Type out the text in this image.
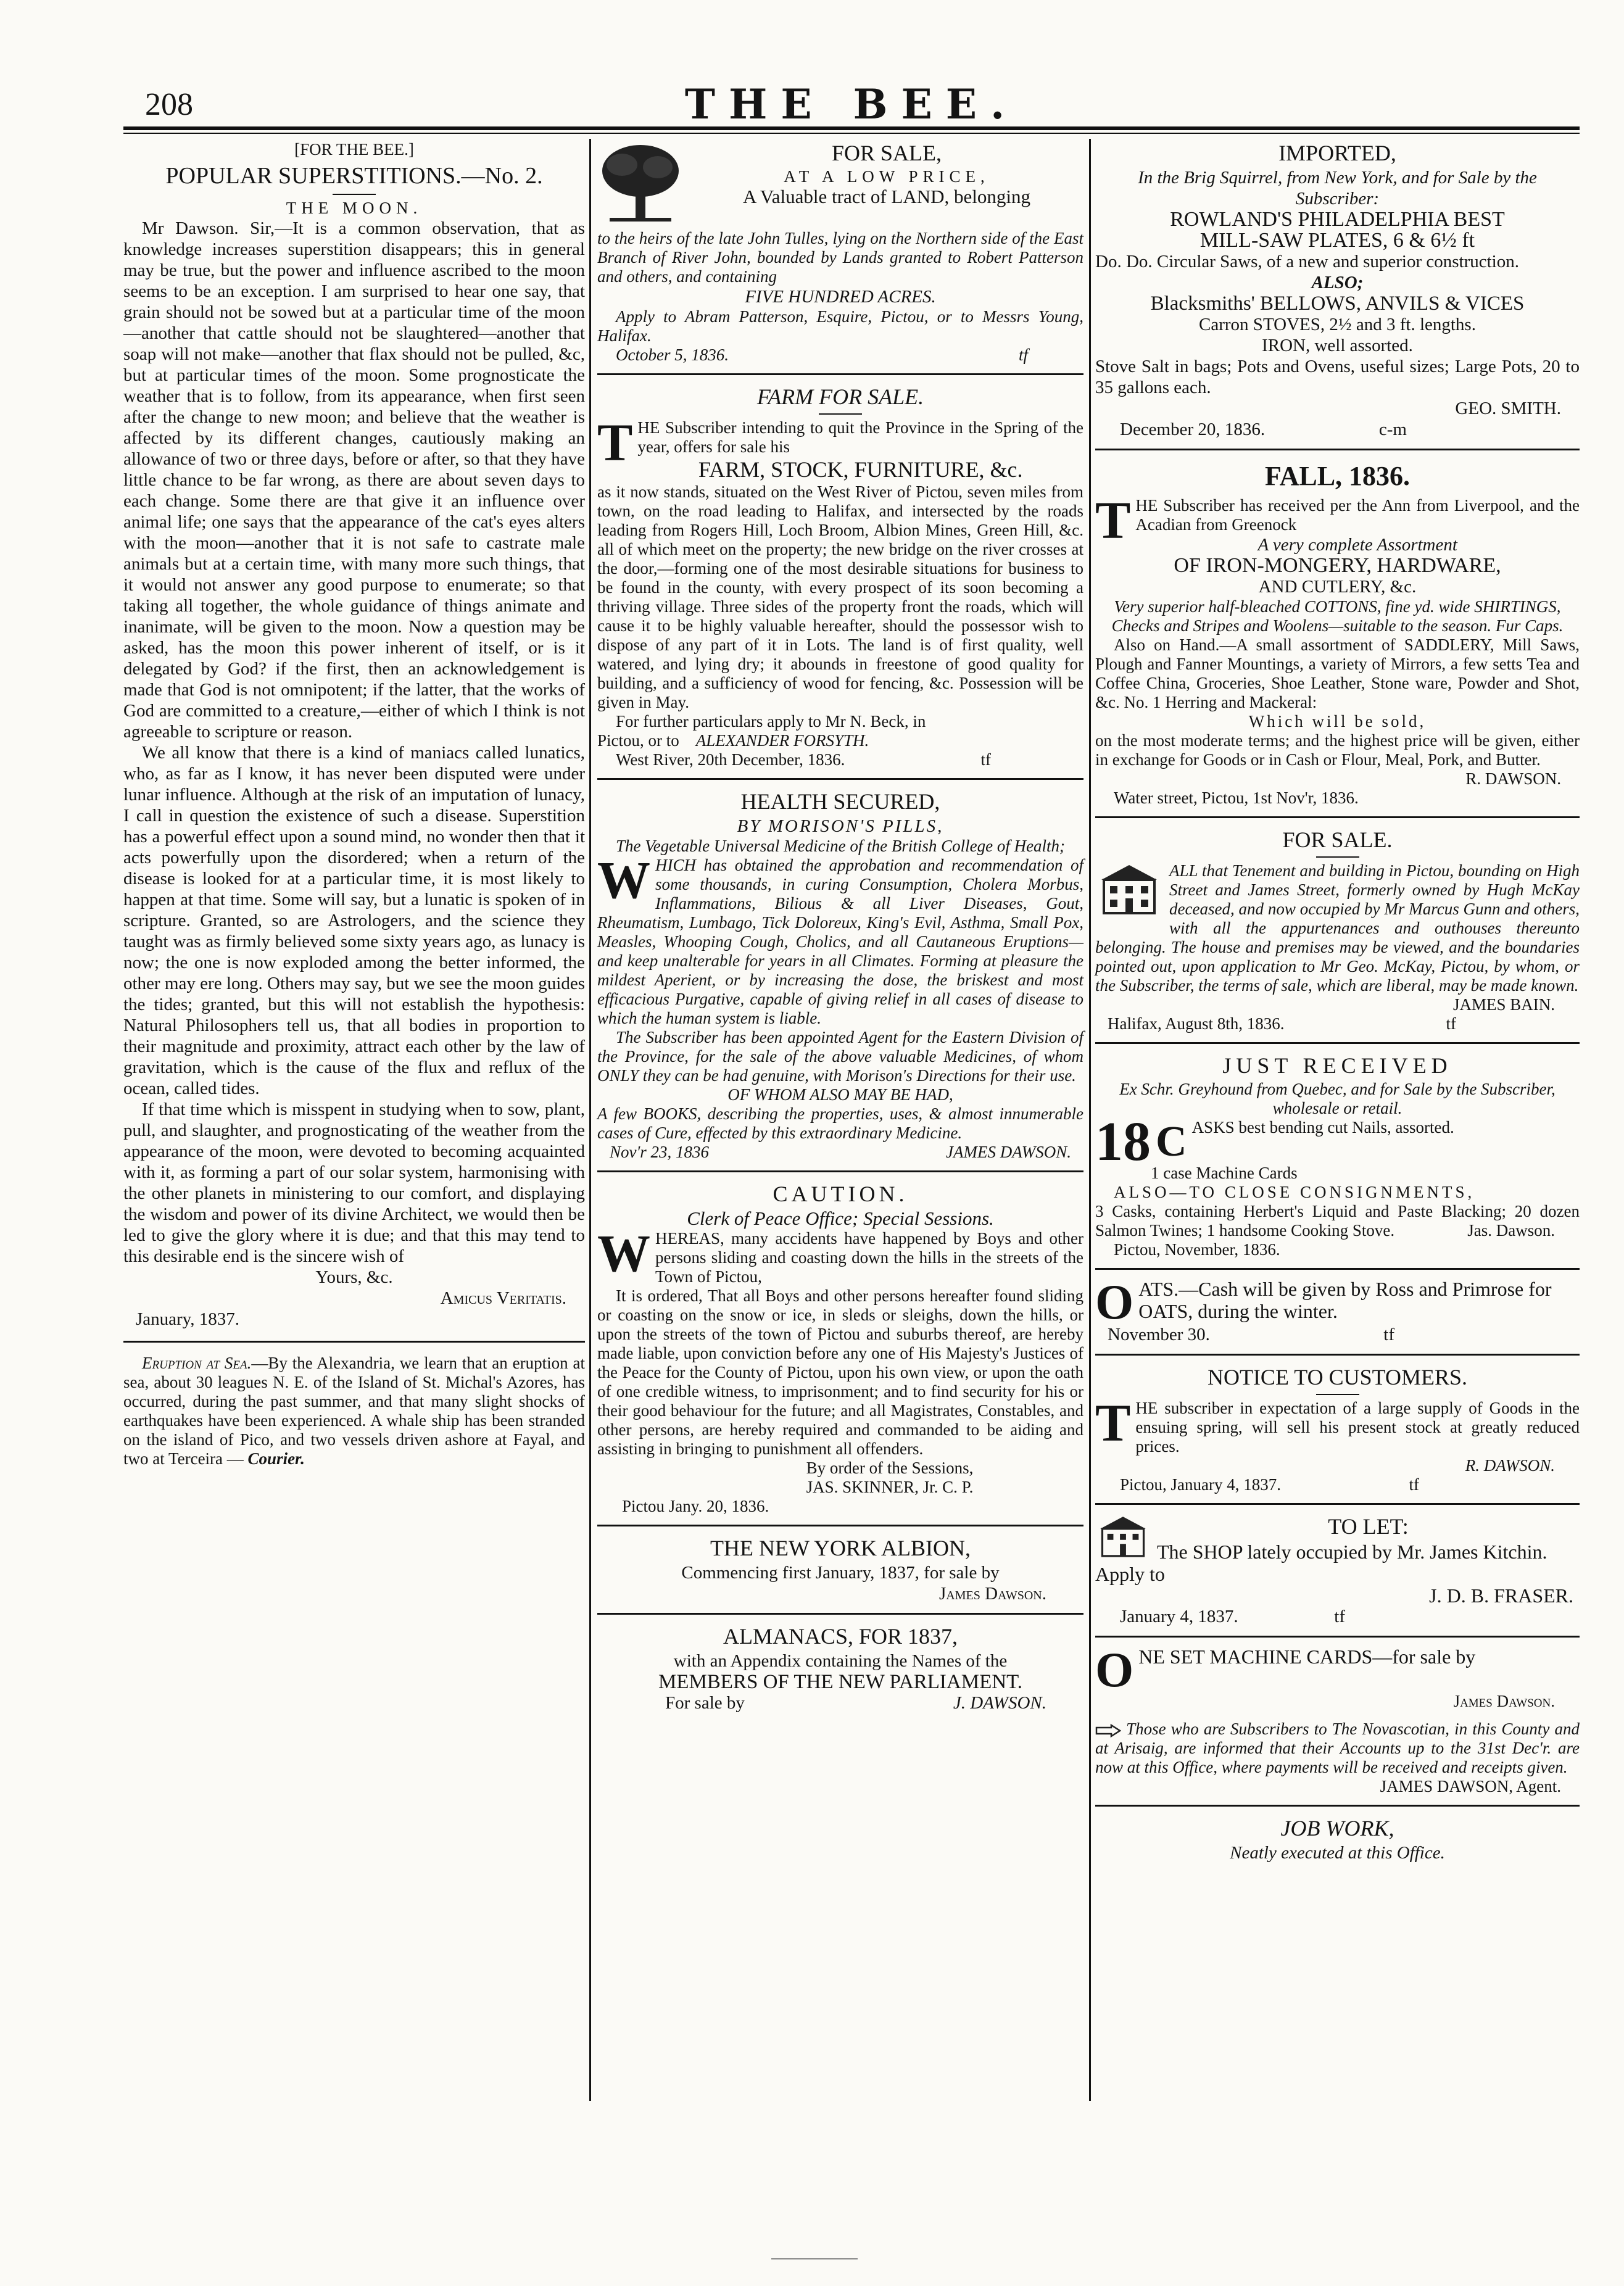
208	THE BEE.

[FOR THE BEE.]

POPULAR SUPERSTITIONS.—No. 2.

THE MOON.

Mr Dawson. Sir,—It is a common observation, that as knowledge increases superstition disappears; this in general may be true, but the power and influence ascribed to the moon seems to be an exception. I am surprised to hear one say, that grain should not be sowed but at a particular time of the moon—another that cattle should not be slaughtered—another that soap will not make—another that flax should not be pulled, &c, but at particular times of the moon. Some prognosticate the weather that is to follow, from its appearance, when first seen after the change to new moon; and believe that the weather is affected by its different changes, cautiously making an allowance of two or three days, before or after, so that they have little chance to be far wrong, as there are about seven days to each change. Some there are that give it an influence over animal life; one says that the appearance of the cat's eyes alters with the moon—another that it is not safe to castrate male animals but at a certain time, with many more such things, that it would not answer any good purpose to enumerate; so that taking all together, the whole guidance of things animate and inanimate, will be given to the moon. Now a question may be asked, has the moon this power inherent of itself, or is it delegated by God? if the first, then an acknowledgement is made that God is not omnipotent; if the latter, that the works of God are committed to a creature,—either of which I think is not agreeable to scripture or reason.

We all know that there is a kind of maniacs called lunatics, who, as far as I know, it has never been disputed were under lunar influence. Although at the risk of an imputation of lunacy, I call in question the existence of such a disease. Superstition has a powerful effect upon a sound mind, no wonder then that it acts powerfully upon the disordered; when a return of the disease is looked for at a particular time, it is most likely to happen at that time. Some will say, but a lunatic is spoken of in scripture. Granted, so are Astrologers, and the science they taught was as firmly believed some sixty years ago, as lunacy is now; the one is now exploded among the better informed, the other may ere long. Others may say, but we see the moon guides the tides; granted, but this will not establish the hypothesis: Natural Philosophers tell us, that all bodies in proportion to their magnitude and proximity, attract each other by the law of gravitation, which is the cause of the flux and reflux of the ocean, called tides.

If that time which is misspent in studying when to sow, plant, pull, and slaughter, and prognosticating of the weather from the appearance of the moon, were devoted to becoming acquainted with it, as forming a part of our solar system, harmonising with the other planets in ministering to our comfort, and displaying the wisdom and power of its divine Architect, we would then be led to give the glory where it is due; and that this may tend to this desirable end is the sincere wish of

Yours, &c.

Amicus Veritatis.

January, 1837.

Eruption at Sea.—By the Alexandria, we learn that an eruption at sea, about 30 leagues N. E. of the Island of St. Michal's Azores, has occurred, during the past summer, and that many slight shocks of earthquakes have been experienced. A whale ship has been stranded on the island of Pico, and two vessels driven ashore at Fayal, and two at Terceira — Courier.

FOR SALE,

AT A LOW PRICE,

A Valuable tract of LAND, belonging

to the heirs of the late John Tulles, lying on the Northern side of the East Branch of River John, bounded by Lands granted to Robert Patterson and others, and containing

FIVE HUNDRED ACRES.

Apply to Abram Patterson, Esquire, Pictou, or to Messrs Young, Halifax.

October 5, 1836.	tf

FARM FOR SALE.

THE Subscriber intending to quit the Province in the Spring of the year, offers for sale his

FARM, STOCK, FURNITURE, &c.

as it now stands, situated on the West River of Pictou, seven miles from town, on the road leading to Halifax, and intersected by the roads leading from Rogers Hill, Loch Broom, Albion Mines, Green Hill, &c. all of which meet on the property; the new bridge on the river crosses at the door,—forming one of the most desirable situations for business to be found in the county, with every prospect of its soon becoming a thriving village. Three sides of the property front the roads, which will cause it to be highly valuable hereafter, should the possessor wish to dispose of any part of it in Lots. The land is of first quality, well watered, and lying dry; it abounds in freestone of good quality for building, and a sufficiency of wood for fencing, &c. Possession will be given in May.

For further particulars apply to Mr N. Beck, in

Pictou, or to ALEXANDER FORSYTH.

West River, 20th December, 1836.	tf

HEALTH SECURED,

BY MORISON'S PILLS,

The Vegetable Universal Medicine of the British College of Health;

WHICH has obtained the approbation and recommendation of some thousands, in curing Consumption, Cholera Morbus, Inflammations, Bilious & all Liver Diseases, Gout, Rheumatism, Lumbago, Tick Doloreux, King's Evil, Asthma, Small Pox, Measles, Whooping Cough, Cholics, and all Cautaneous Eruptions—and keep unalterable for years in all Climates. Forming at pleasure the mildest Aperient, or by increasing the dose, the briskest and most efficacious Purgative, capable of giving relief in all cases of disease to which the human system is liable.

The Subscriber has been appointed Agent for the Eastern Division of the Province, for the sale of the above valuable Medicines, of whom ONLY they can be had genuine, with Morison's Directions for their use.

OF WHOM ALSO MAY BE HAD,

A few BOOKS, describing the properties, uses, & almost innumerable cases of Cure, effected by this extraordinary Medicine.

Nov'r 23, 1836	JAMES DAWSON.

CAUTION.

Clerk of Peace Office; Special Sessions.

WHEREAS, many accidents have happened by Boys and other persons sliding and coasting down the hills in the streets of the Town of Pictou,

It is ordered, That all Boys and other persons hereafter found sliding or coasting on the snow or ice, in sleds or sleighs, down the hills, or upon the streets of the town of Pictou and suburbs thereof, are hereby made liable, upon conviction before any one of His Majesty's Justices of the Peace for the County of Pictou, upon his own view, or upon the oath of one credible witness, to imprisonment; and to find security for his or their good behaviour for the future; and all Magistrates, Constables, and other persons, are hereby required and commanded to be aiding and assisting in bringing to punishment all offenders.

By order of the Sessions,

JAS. SKINNER, Jr. C. P.

Pictou Jany. 20, 1836.

THE NEW YORK ALBION,

Commencing first January, 1837, for sale by

James Dawson.

ALMANACS, FOR 1837,

with an Appendix containing the Names of the

MEMBERS OF THE NEW PARLIAMENT.

For sale by	J. DAWSON.

IMPORTED,

In the Brig Squirrel, from New York, and for Sale by the Subscriber:

ROWLAND'S PHILADELPHIA BEST

MILL-SAW PLATES, 6 & 6½ ft

Do. Do. Circular Saws, of a new and superior construction.

ALSO;

Blacksmiths' BELLOWS, ANVILS & VICES

Carron STOVES, 2½ and 3 ft. lengths.

IRON, well assorted.

Stove Salt in bags; Pots and Ovens, useful sizes; Large Pots, 20 to 35 gallons each.

GEO. SMITH.

December 20, 1836.	c-m

FALL, 1836.

THE Subscriber has received per the Ann from Liverpool, and the Acadian from Greenock

A very complete Assortment

OF IRON-MONGERY, HARDWARE,

AND CUTLERY, &c.

Very superior half-bleached COTTONS, fine yd. wide SHIRTINGS, Checks and Stripes and Woolens—suitable to the season. Fur Caps.

Also on Hand.—A small assortment of SADDLERY, Mill Saws, Plough and Fanner Mountings, a variety of Mirrors, a few setts Tea and Coffee China, Groceries, Shoe Leather, Stone ware, Powder and Shot, &c. No. 1 Herring and Mackeral:

Which will be sold,

on the most moderate terms; and the highest price will be given, either in exchange for Goods or in Cash or Flour, Meal, Pork, and Butter.

R. DAWSON.

Water street, Pictou, 1st Nov'r, 1836.

FOR SALE.

ALL that Tenement and building in Pictou, bounding on High Street and James Street, formerly owned by Hugh McKay deceased, and now occupied by Mr Marcus Gunn and others, with all the appurtenances and outhouses thereunto belonging. The house and premises may be viewed, and the boundaries pointed out, upon application to Mr Geo. McKay, Pictou, by whom, or the Subscriber, the terms of sale, which are liberal, may be made known.

JAMES BAIN.

Halifax, August 8th, 1836.	tf

JUST RECEIVED

Ex Schr. Greyhound from Quebec, and for Sale by the Subscriber, wholesale or retail.

18 C ASKS best bending cut Nails, assorted.

1 case Machine Cards

ALSO—TO CLOSE CONSIGNMENTS,

3 Casks, containing Herbert's Liquid and Paste Blacking; 20 dozen Salmon Twines; 1 handsome Cooking Stove.	Jas. Dawson.

Pictou, November, 1836.

OATS.—Cash will be given by Ross and Primrose for OATS, during the winter.

November 30.	tf

NOTICE TO CUSTOMERS.

THE subscriber in expectation of a large supply of Goods in the ensuing spring, will sell his present stock at greatly reduced prices.

R. DAWSON.

Pictou, January 4, 1837.	tf

TO LET:

The SHOP lately occupied by Mr. James Kitchin. Apply to

J. D. B. FRASER.

January 4, 1837.	tf

ONE SET MACHINE CARDS—for sale by

James Dawson.

Those who are Subscribers to The Novascotian, in this County and at Arisaig, are informed that their Accounts up to the 31st Dec'r. are now at this Office, where payments will be received and receipts given.

JAMES DAWSON, Agent.

JOB WORK,

Neatly executed at this Office.
